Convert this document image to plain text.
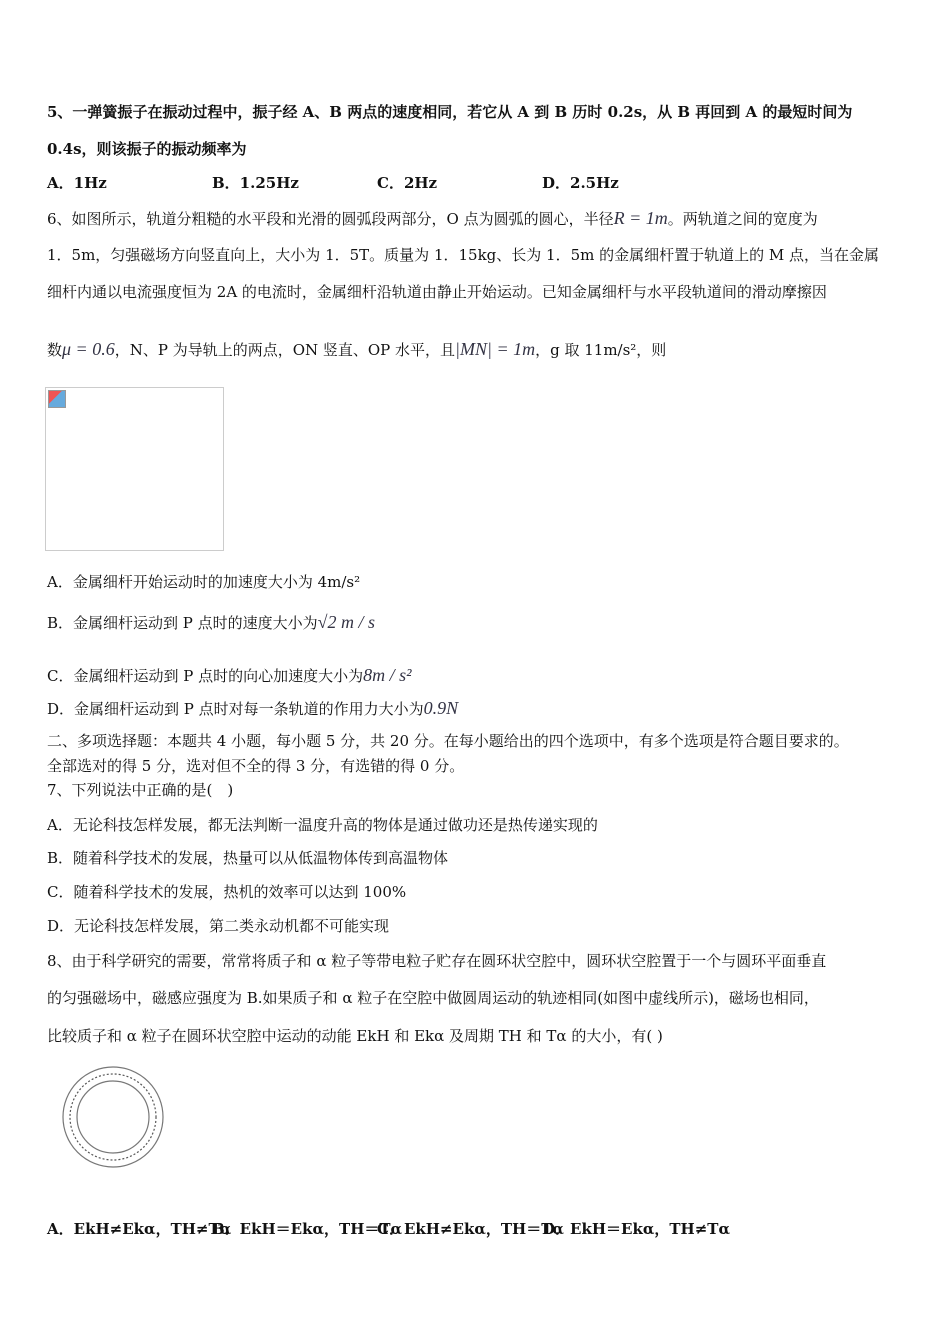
5、一弹簧振子在振动过程中，振子经 A、B 两点的速度相同，若它从 A 到 B 历时 0.2s，从 B 再回到 A 的最短时间为
0.4s，则该振子的振动频率为
A．1Hz	B．1.25Hz	C．2Hz	D．2.5Hz
6、如图所示，轨道分粗糙的水平段和光滑的圆弧段两部分，O 点为圆弧的圆心，半径R = 1m。两轨道之间的宽度为
1．5m，匀强磁场方向竖直向上，大小为 1．5T。质量为 1．15kg、长为 1．5m 的金属细杆置于轨道上的 M 点，当在金属
细杆内通以电流强度恒为 2A 的电流时，金属细杆沿轨道由静止开始运动。已知金属细杆与水平段轨道间的滑动摩擦因
数μ = 0.6，N、P 为导轨上的两点，ON 竖直、OP 水平，且|MN| = 1m，g 取 11m/s²，则
A．金属细杆开始运动时的加速度大小为 4m/s²
B．金属细杆运动到 P 点时的速度大小为√2 m / s
C．金属细杆运动到 P 点时的向心加速度大小为8m / s²
D．金属细杆运动到 P 点时对每一条轨道的作用力大小为0.9N
二、多项选择题：本题共 4 小题，每小题 5 分，共 20 分。在每小题给出的四个选项中，有多个选项是符合题目要求的。
全部选对的得 5 分，选对但不全的得 3 分，有选错的得 0 分。
7、下列说法中正确的是(　)
A．无论科技怎样发展，都无法判断一温度升高的物体是通过做功还是热传递实现的
B．随着科学技术的发展，热量可以从低温物体传到高温物体
C．随着科学技术的发展，热机的效率可以达到 100%
D．无论科技怎样发展，第二类永动机都不可能实现
8、由于科学研究的需要，常常将质子和 α 粒子等带电粒子贮存在圆环状空腔中，圆环状空腔置于一个与圆环平面垂直
的匀强磁场中，磁感应强度为 B.如果质子和 α 粒子在空腔中做圆周运动的轨迹相同(如图中虚线所示)，磁场也相同，
比较质子和 α 粒子在圆环状空腔中运动的动能 EkH 和 Ekα 及周期 TH 和 Tα 的大小，有( )
A．EkH≠Ekα，TH≠TαB．EkH＝Ekα，TH＝TαC．EkH≠Ekα，TH＝TαD．EkH＝Ekα，TH≠Tα
